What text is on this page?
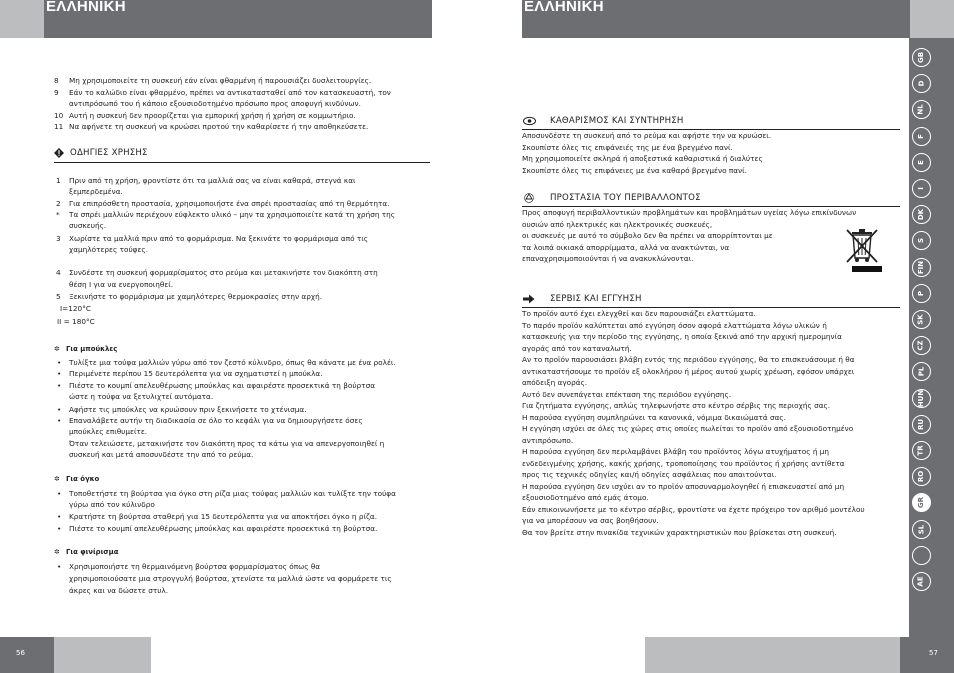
ΕΛΛΗΝΙΚΗ
8 Μη χρησιμοποιείτε τη συσκευή εάν είναι φθαρμένη ή παρουσιάζει δυσλειτουργίες.
9 Εάν το καλώδιο είναι φθαρμένο, πρέπει να αντικατασταθεί από τον κατασκευαστή, τον
αντιπρόσωπό του ή κάποιο εξουσιοδοτημένο πρόσωπο προς αποφυγή κινδύνων.
10 Αυτή η συσκευή δεν προορίζεται για εμπορική χρήση ή χρήση σε κομμωτήριο.
11 Να αφήνετε τη συσκευή να κρυώσει προτού την καθαρίσετε ή την αποθηκεύσετε.
ΟΔΗΓΙΕΣ ΧΡΗΣΗΣ
1 Πριν από τη χρήση, φροντίστε ότι τα μαλλιά σας να είναι καθαρά, στεγνά και
ξεμπερδεμένα.
2 Για επιπρόσθετη προστασία, χρησιμοποιήστε ένα σπρέι προστασίας από τη θερμότητα.
* Τα σπρέι μαλλιών περιέχουν εύφλεκτο υλικό – μην τα χρησιμοποιείτε κατά τη χρήση της
συσκευής.
3 Χωρίστε τα μαλλιά πριν από το φορμάρισμα. Να ξεκινάτε το φορμάρισμα από τις
χαμηλότερες τούφες.
4 Συνδέστε τη συσκευή φορμαρίσματος στο ρεύμα και μετακινήστε τον διακόπτη στη
θέση I για να ενεργοποιηθεί.
5 Ξεκινήστε το φορμάρισμα με χαμηλότερες θερμοκρασίες στην αρχή.
I=120°C
II = 180°C
✲ Για μπούκλες
• Τυλίξτε μια τούφα μαλλιών γύρω από τον ζεστό κύλινδρο, όπως θα κάνατε με ένα ρολέι.
• Περιμένετε περίπου 15 δευτερόλεπτα για να σχηματιστεί η μπούκλα.
• Πιέστε το κουμπί απελευθέρωσης μπούκλας και αφαιρέστε προσεκτικά τη βούρτσα
ώστε η τούφα να ξετυλιχτεί αυτόματα.
• Αφήστε τις μπούκλες να κρυώσουν πριν ξεκινήσετε το χτένισμα.
• Επαναλάβετε αυτήν τη διαδικασία σε όλο το κεφάλι για να δημιουργήσετε όσες
μπούκλες επιθυμείτε.
Όταν τελειώσετε, μετακινήστε τον διακόπτη προς τα κάτω για να απενεργοποιηθεί η
συσκευή και μετά αποσυνδέστε την από το ρεύμα.
✲ Για όγκο
• Τοποθετήστε τη βούρτσα για όγκο στη ρίζα μιας τούφας μαλλιών και τυλίξτε την τούφα
γύρω από τον κύλινδρο
• Κρατήστε τη βούρτσα σταθερή για 15 δευτερόλεπτα για να αποκτήσει όγκο η ρίζα.
• Πιέστε το κουμπί απελευθέρωσης μπούκλας και αφαιρέστε προσεκτικά τη βούρτσα.
✲ Για φινίρισμα
• Χρησιμοποιήστε τη θερμαινόμενη βούρτσα φορμαρίσματος όπως θα
χρησιμοποιούσατε μια στρογγυλή βούρτσα, χτενίστε τα μαλλιά ώστε να φορμάρετε τις
άκρες και να δώσετε στυλ.
56
ΕΛΛΗΝΙΚΗ
ΚΑΘΑΡΙΣΜΟΣ ΚΑΙ ΣΥΝΤΗΡΗΣΗ
Αποσυνδέστε τη συσκευή από το ρεύμα και αφήστε την να κρυώσει.
Σκουπίστε όλες τις επιφάνειές της με ένα βρεγμένο πανί.
Μη χρησιμοποιείτε σκληρά ή αποξεστικά καθαριστικά ή διαλύτες
Σκουπίστε όλες τις επιφάνειες με ένα καθαρό βρεγμένο πανί.
ΠΡΟΣΤΑΣΙΑ ΤΟΥ ΠΕΡΙΒΑΛΛΟΝΤΟΣ
Προς αποφυγή περιβαλλοντικών προβλημάτων και προβλημάτων υγείας λόγω επικίνδυνων
ουσιών από ηλεκτρικές και ηλεκτρονικές συσκευές,
οι συσκευές με αυτό το σύμβολο δεν θα πρέπει να απορρίπτονται με
τα λοιπά οικιακά απορρίμματα, αλλά να ανακτώνται, να
επαναχρησιμοποιούνται ή να ανακυκλώνονται.
ΣΕΡΒΙΣ ΚΑΙ ΕΓΓΥΗΣΗ
Το προϊόν αυτό έχει ελεγχθεί και δεν παρουσιάζει ελαττώματα.
Το παρόν προϊόν καλύπτεται από εγγύηση όσον αφορά ελαττώματα λόγω υλικών ή
κατασκευής για την περίοδο της εγγύησης, η οποία ξεκινά από την αρχική ημερομηνία
αγοράς από τον καταναλωτή.
Αν το προϊόν παρουσιάσει βλάβη εντός της περιόδου εγγύησης, θα το επισκευάσουμε ή θα
αντικαταστήσουμε το προϊόν εξ ολοκλήρου ή μέρος αυτού χωρίς χρέωση, εφόσον υπάρχει
απόδειξη αγοράς.
Αυτό δεν συνεπάγεται επέκταση της περιόδου εγγύησης.
Για ζητήματα εγγύησης, απλώς τηλεφωνήστε στο κέντρο σέρβις της περιοχής σας.
Η παρούσα εγγύηση συμπληρώνει τα κανονικά, νόμιμα δικαιώματά σας.
Η εγγύηση ισχύει σε όλες τις χώρες στις οποίες πωλείται το προϊόν από εξουσιοδοτημένο
αντιπρόσωπο.
Η παρούσα εγγύηση δεν περιλαμβάνει βλάβη του προϊόντος λόγω ατυχήματος ή μη
ενδεδειγμένης χρήσης, κακής χρήσης, τροποποίησης του προϊόντος ή χρήσης αντίθετα
προς τις τεχνικές οδηγίες και/ή οδηγίες ασφάλειας που απαιτούνται.
Η παρούσα εγγύηση δεν ισχύει αν το προϊόν αποσυναρμολογηθεί ή επισκευαστεί από μη
εξουσιοδοτημένο από εμάς άτομο.
Εάν επικοινωνήσετε με το κέντρο σέρβις, φροντίστε να έχετε πρόχειρο τον αριθμό μοντέλου
για να μπορέσουν να σας βοηθήσουν.
Θα τον βρείτε στην πινακίδα τεχνικών χαρακτηριστικών που βρίσκεται στη συσκευή.
GB
D
NL
F
E
I
DK
S
FIN
P
SK
CZ
PL
HUN
RU
TR
RO
GR
SL
AE
57
